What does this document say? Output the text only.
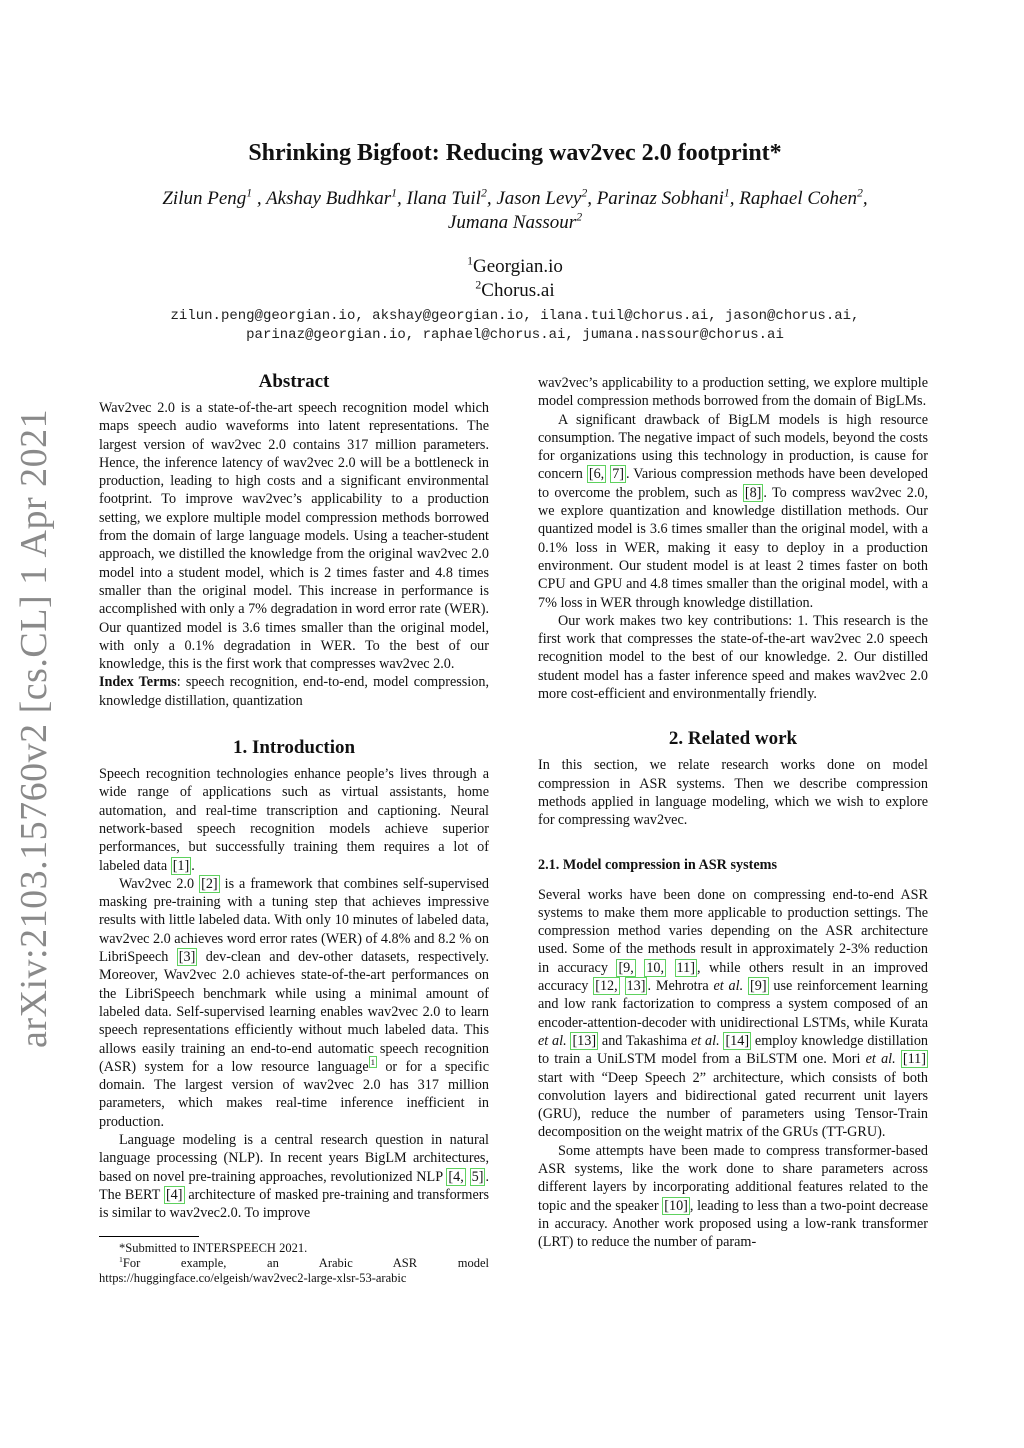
arXiv:2103.15760v2 [cs.CL] 1 Apr 2021
Shrinking Bigfoot: Reducing wav2vec 2.0 footprint*
Zilun Peng$^1$ , Akshay Budhkar$^1$, Ilana Tuil$^2$, Jason Levy$^2$, Parinaz Sobhani$^1$, Raphael Cohen$^2$,
Jumana Nassour$^2$
$^1$Georgian.io
$^2$Chorus.ai
zilun.peng@georgian.io, akshay@georgian.io, ilana.tuil@chorus.ai, jason@chorus.ai,
parinaz@georgian.io, raphael@chorus.ai, jumana.nassour@chorus.ai
Abstract

Wav2vec 2.0 is a state-of-the-art speech recognition model which maps speech audio waveforms into latent representations. The largest version of wav2vec 2.0 contains 317 million parameters. Hence, the inference latency of wav2vec 2.0 will be a bottleneck in production, leading to high costs and a significant environmental footprint. To improve wav2vec’s applicability to a production setting, we explore multiple model compression methods borrowed from the domain of large language models. Using a teacher-student approach, we distilled the knowledge from the original wav2vec 2.0 model into a student model, which is 2 times faster and 4.8 times smaller than the original model. This increase in performance is accomplished with only a 7% degradation in word error rate (WER). Our quantized model is 3.6 times smaller than the original model, with only a 0.1% degradation in WER. To the best of our knowledge, this is the first work that compresses wav2vec 2.0.

Index Terms: speech recognition, end-to-end, model compression, knowledge distillation, quantization

1. Introduction

Speech recognition technologies enhance people’s lives through a wide range of applications such as virtual assistants, home automation, and real-time transcription and captioning. Neural network-based speech recognition models achieve superior performances, but successfully training them requires a lot of labeled data [1] .

Wav2vec 2.0 [2] is a framework that combines self-supervised masking pre-training with a tuning step that achieves impressive results with little labeled data. With only 10 minutes of labeled data, wav2vec 2.0 achieves word error rates (WER) of 4.8% and 8.2 % on LibriSpeech [3] dev-clean and dev-other datasets, respectively. Moreover, Wav2vec 2.0 achieves state-of-the-art performances on the LibriSpeech benchmark while using a minimal amount of labeled data. Self-supervised learning enables wav2vec 2.0 to learn speech representations efficiently without much labeled data. This allows easily training an end-to-end automatic speech recognition (ASR) system for a low resource language $^1$ or for a specific domain. The largest version of wav2vec 2.0 has 317 million parameters, which makes real-time inference inefficient in production.

Language modeling is a central research question in natural language processing (NLP). In recent years BigLM architectures, based on novel pre-training approaches, revolutionized NLP [4, 5] . The BERT [4] architecture of masked pre-training and transformers is similar to wav2vec2.0. To improve

*Submitted to INTERSPEECH 2021.

$^1$For example, an Arabic ASR model https://huggingface.co/elgeish/wav2vec2-large-xlsr-53-arabic

wav2vec’s applicability to a production setting, we explore multiple model compression methods borrowed from the domain of BigLMs.

A significant drawback of BigLM models is high resource consumption. The negative impact of such models, beyond the costs for organizations using this technology in production, is cause for concern [6, 7] . Various compression methods have been developed to overcome the problem, such as [8] . To compress wav2vec 2.0, we explore quantization and knowledge distillation methods. Our quantized model is 3.6 times smaller than the original model, with a 0.1% loss in WER, making it easy to deploy in a production environment. Our student model is at least 2 times faster on both CPU and GPU and 4.8 times smaller than the original model, with a 7% loss in WER through knowledge distillation.

Our work makes two key contributions: 1. This research is the first work that compresses the state-of-the-art wav2vec 2.0 speech recognition model to the best of our knowledge. 2. Our distilled student model has a faster inference speed and makes wav2vec 2.0 more cost-efficient and environmentally friendly.

2. Related work

In this section, we relate research works done on model compression in ASR systems. Then we describe compression methods applied in language modeling, which we wish to explore for compressing wav2vec.

2.1. Model compression in ASR systems

Several works have been done on compressing end-to-end ASR systems to make them more applicable to production settings. The compression method varies depending on the ASR architecture used. Some of the methods result in approximately 2-3% reduction in accuracy [9, 10, 11] , while others result in an improved accuracy [12, 13] . Mehrotra et al. [9] use reinforcement learning and low rank factorization to compress a system composed of an encoder-attention-decoder with unidirectional LSTMs, while Kurata et al. [13] and Takashima et al. [14] employ knowledge distillation to train a UniLSTM model from a BiLSTM one. Mori et al. [11] start with “Deep Speech 2” architecture, which consists of both convolution layers and bidirectional gated recurrent unit layers (GRU), reduce the number of parameters using Tensor-Train decomposition on the weight matrix of the GRUs (TT-GRU).

Some attempts have been made to compress transformer-based ASR systems, like the work done to share parameters across different layers by incorporating additional features related to the topic and the speaker [10] , leading to less than a two-point decrease in accuracy. Another work proposed using a low-rank transformer (LRT) to reduce the number of param-
